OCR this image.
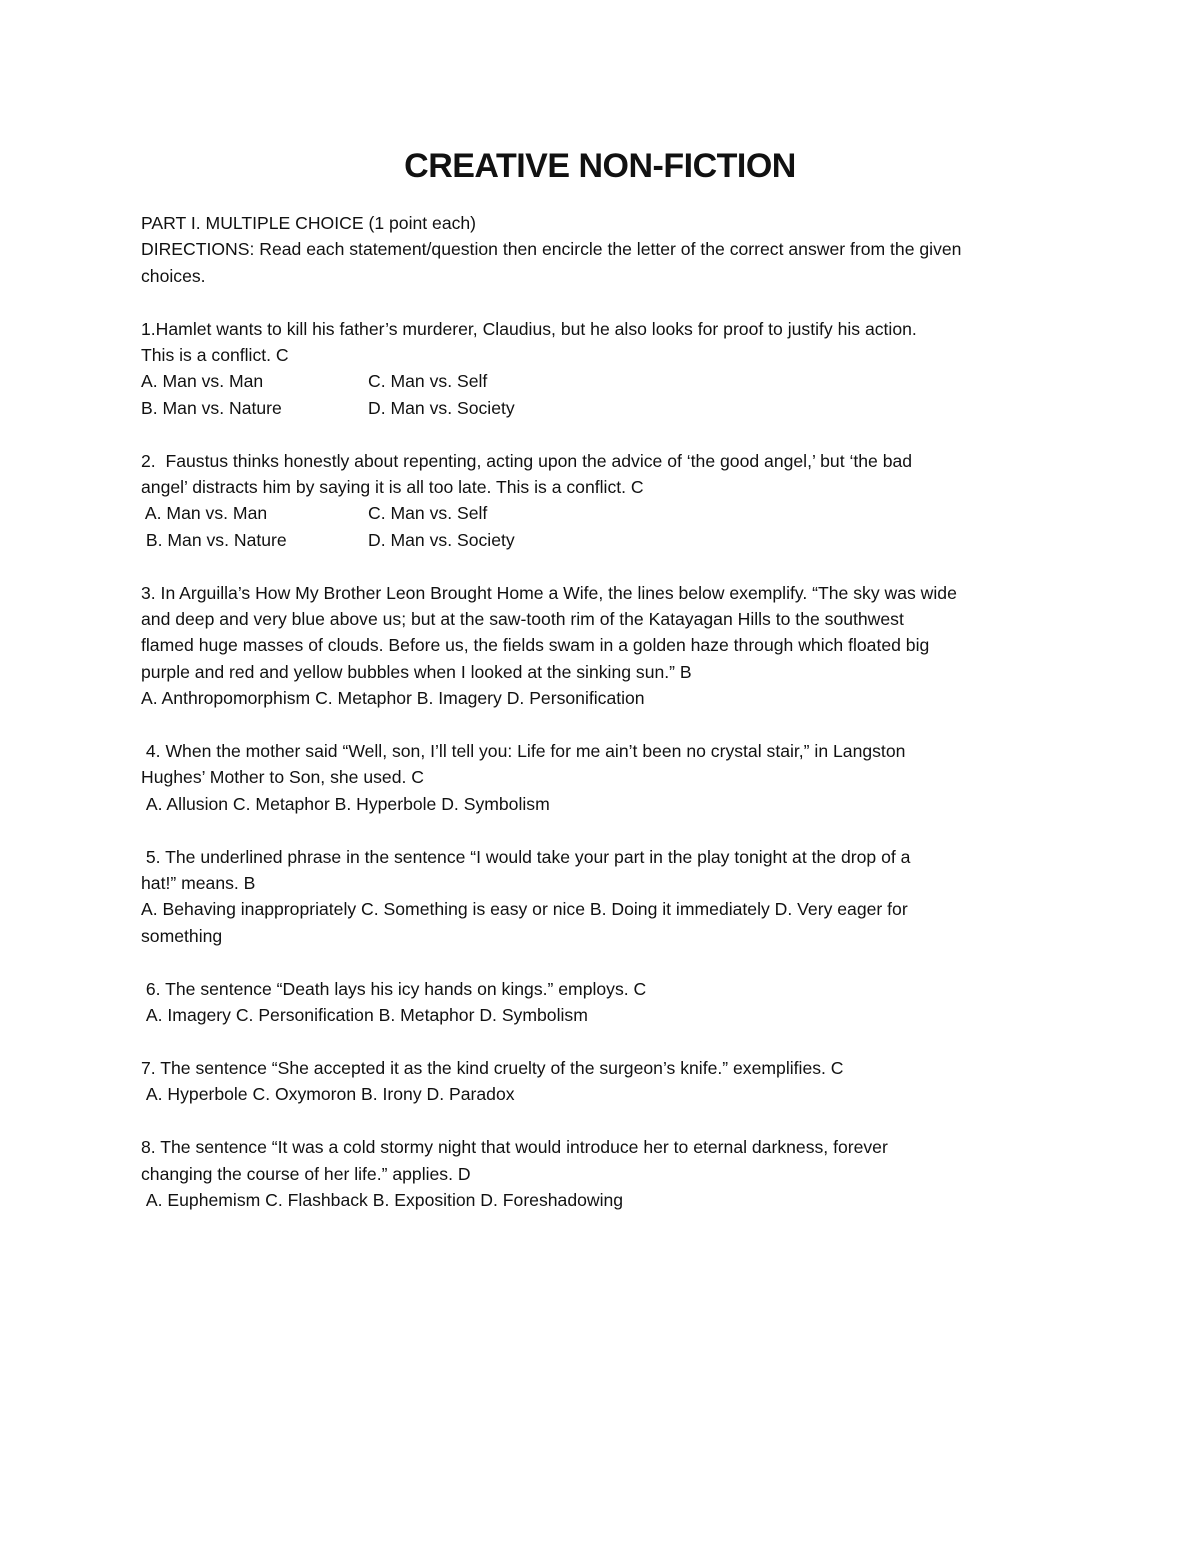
CREATIVE NON-FICTION

PART I. MULTIPLE CHOICE (1 point each)

DIRECTIONS: Read each statement/question then encircle the letter of the correct answer from the given

choices.

1.Hamlet wants to kill his father’s murderer, Claudius, but he also looks for proof to justify his action.

This is a conflict. C

A. Man vs. Man	C. Man vs. Self
B. Man vs. Nature	D. Man vs. Society

2.  Faustus thinks honestly about repenting, acting upon the advice of ‘the good angel,’ but ‘the bad

angel’ distracts him by saying it is all too late. This is a conflict. C

A. Man vs. Man	C. Man vs. Self
B. Man vs. Nature	D. Man vs. Society

3. In Arguilla’s How My Brother Leon Brought Home a Wife, the lines below exemplify. “The sky was wide

and deep and very blue above us; but at the saw-tooth rim of the Katayagan Hills to the southwest

flamed huge masses of clouds. Before us, the fields swam in a golden haze through which floated big

purple and red and yellow bubbles when I looked at the sinking sun.” B

A. Anthropomorphism C. Metaphor B. Imagery D. Personification

4. When the mother said “Well, son, I’ll tell you: Life for me ain’t been no crystal stair,” in Langston

Hughes’ Mother to Son, she used. C

A. Allusion C. Metaphor B. Hyperbole D. Symbolism

5. The underlined phrase in the sentence “I would take your part in the play tonight at the drop of a

hat!” means. B

A. Behaving inappropriately C. Something is easy or nice B. Doing it immediately D. Very eager for

something

6. The sentence “Death lays his icy hands on kings.” employs. C

A. Imagery C. Personification B. Metaphor D. Symbolism

7. The sentence “She accepted it as the kind cruelty of the surgeon’s knife.” exemplifies. C

A. Hyperbole C. Oxymoron B. Irony D. Paradox

8. The sentence “It was a cold stormy night that would introduce her to eternal darkness, forever

changing the course of her life.” applies. D

A. Euphemism C. Flashback B. Exposition D. Foreshadowing
